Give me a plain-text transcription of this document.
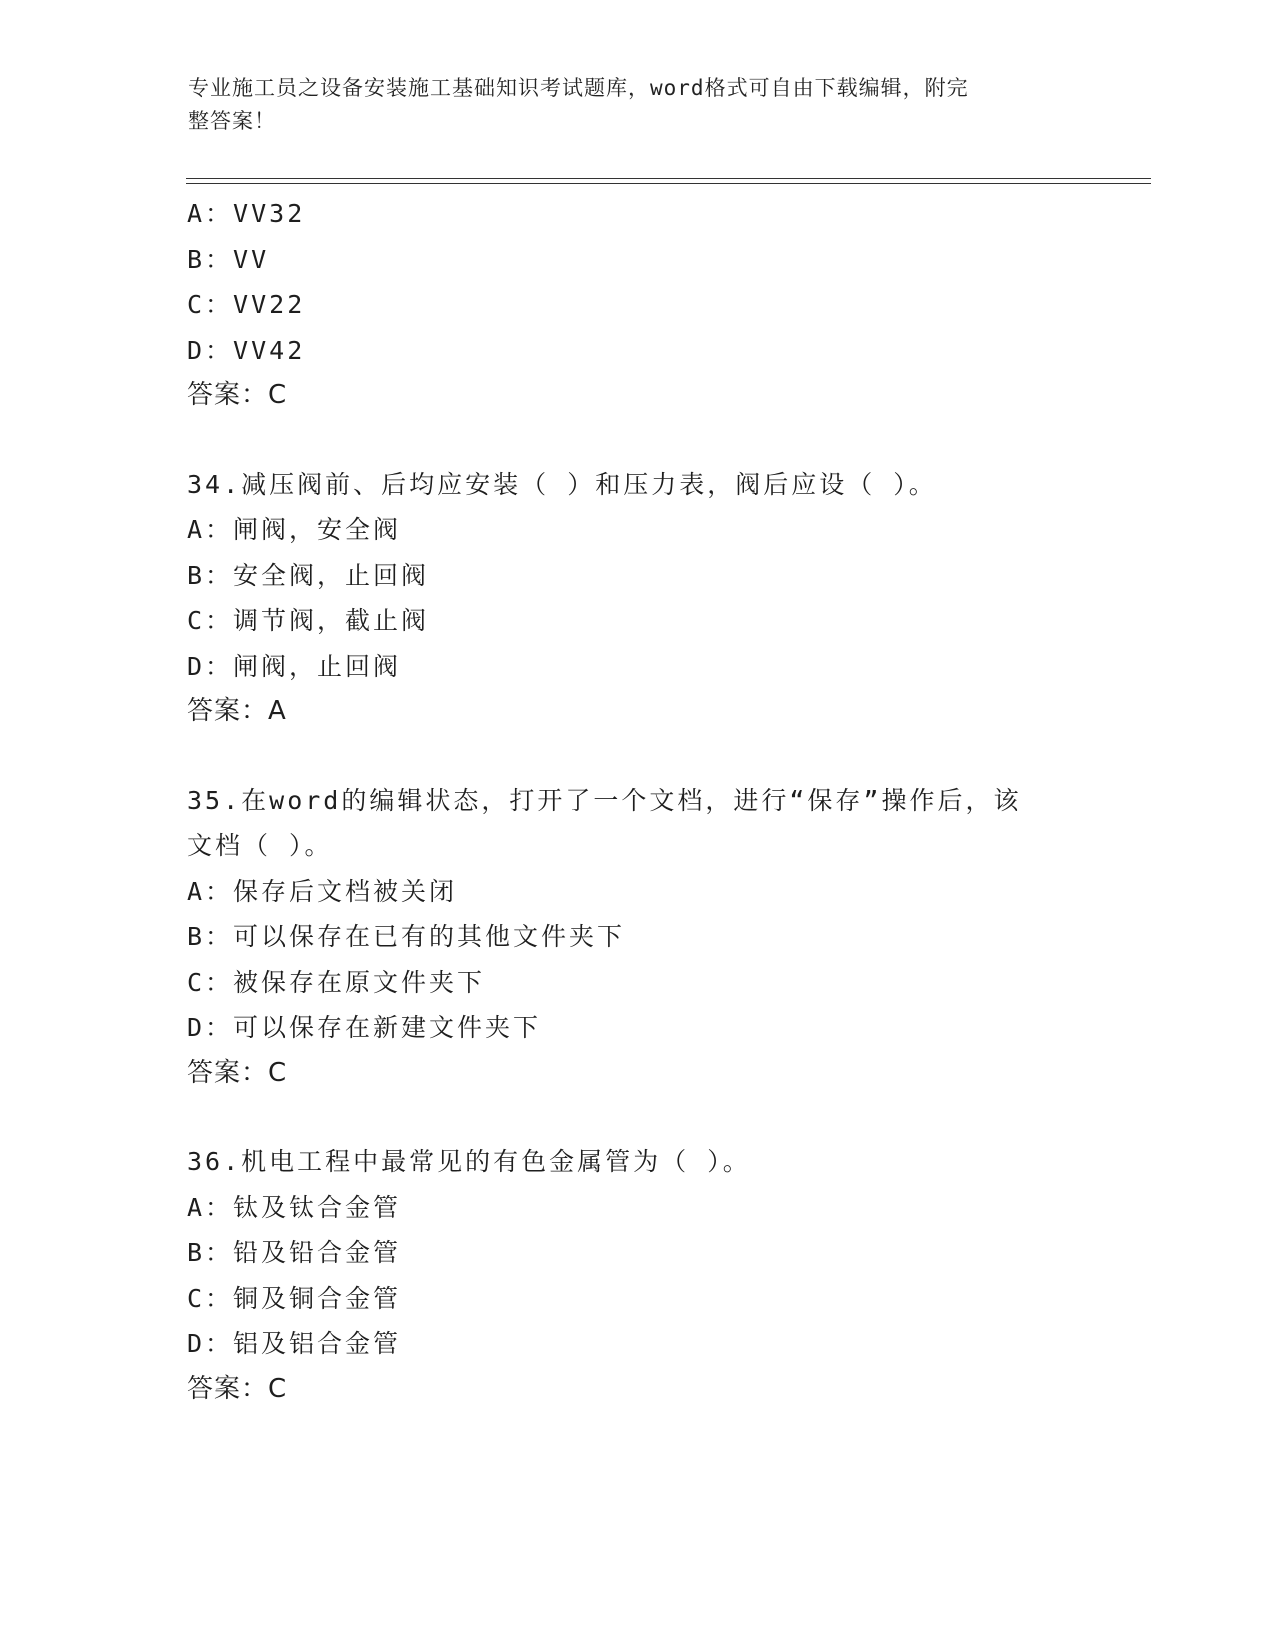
专业施工员之设备安装施工基础知识考试题库，word格式可自由下载编辑，附完
整答案！
A：VV32
B：VV
C：VV22
D：VV42
答案：C
34.减压阀前、后均应安装（ ）和压力表，阀后应设（ ）。
A：闸阀，安全阀
B：安全阀，止回阀
C：调节阀，截止阀
D：闸阀，止回阀
答案：A
35.在word的编辑状态，打开了一个文档，进行“保存”操作后，该
文档（ ）。
A：保存后文档被关闭
B：可以保存在已有的其他文件夹下
C：被保存在原文件夹下
D：可以保存在新建文件夹下
答案：C
36.机电工程中最常见的有色金属管为（ ）。
A：钛及钛合金管
B：铅及铅合金管
C：铜及铜合金管
D：铝及铝合金管
答案：C
